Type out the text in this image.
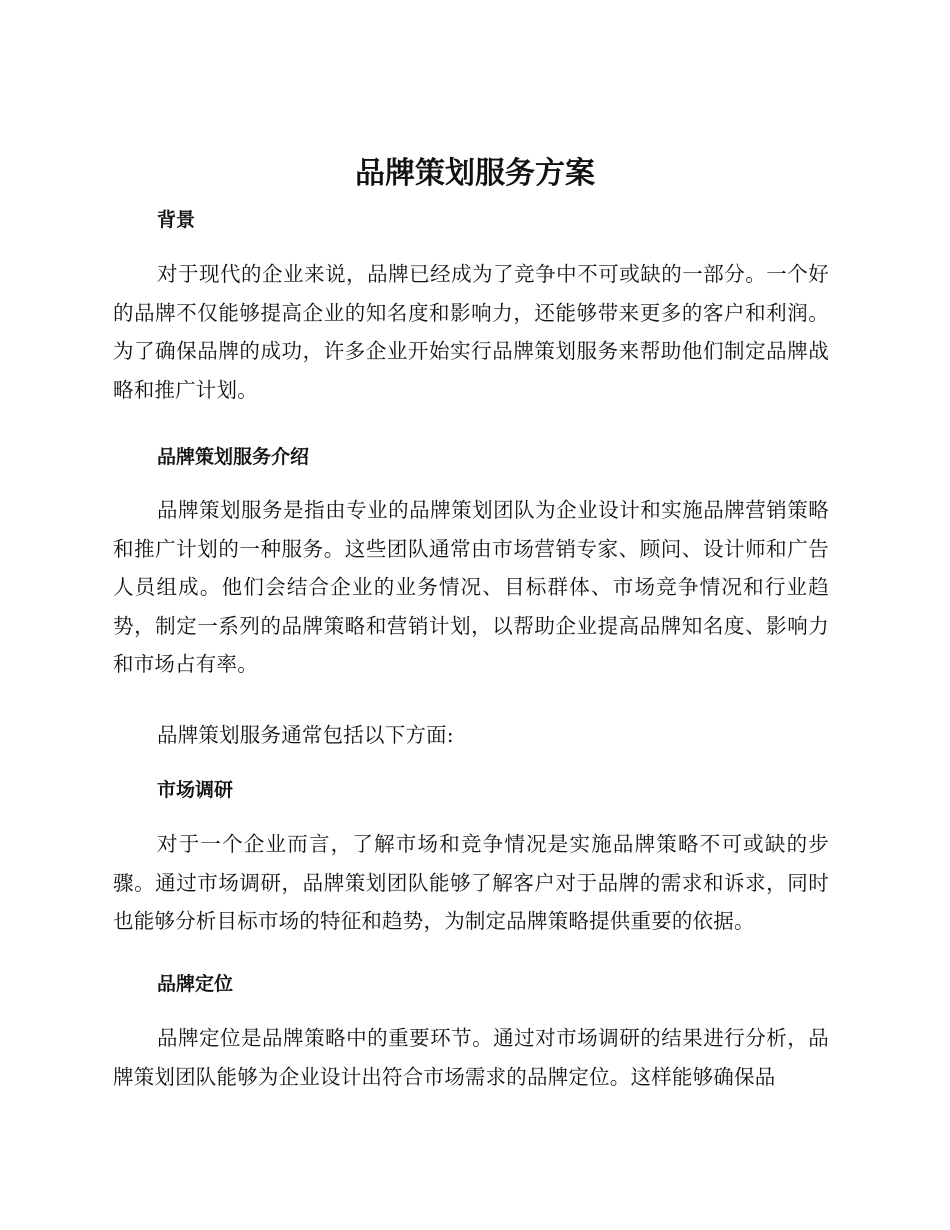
品牌策划服务方案
背景

对于现代的企业来说，品牌已经成为了竞争中不可或缺的一部分。一个好的品牌不仅能够提高企业的知名度和影响力，还能够带来更多的客户和利润。为了确保品牌的成功，许多企业开始实行品牌策划服务来帮助他们制定品牌战略和推广计划。

品牌策划服务介绍

品牌策划服务是指由专业的品牌策划团队为企业设计和实施品牌营销策略和推广计划的一种服务。这些团队通常由市场营销专家、顾问、设计师和广告人员组成。他们会结合企业的业务情况、目标群体、市场竞争情况和行业趋势，制定一系列的品牌策略和营销计划，以帮助企业提高品牌知名度、影响力和市场占有率。

品牌策划服务通常包括以下方面:

市场调研

对于一个企业而言，了解市场和竞争情况是实施品牌策略不可或缺的步骤。通过市场调研，品牌策划团队能够了解客户对于品牌的需求和诉求，同时也能够分析目标市场的特征和趋势，为制定品牌策略提供重要的依据。

品牌定位

品牌定位是品牌策略中的重要环节。通过对市场调研的结果进行分析，品牌策划团队能够为企业设计出符合市场需求的品牌定位。这样能够确保品
